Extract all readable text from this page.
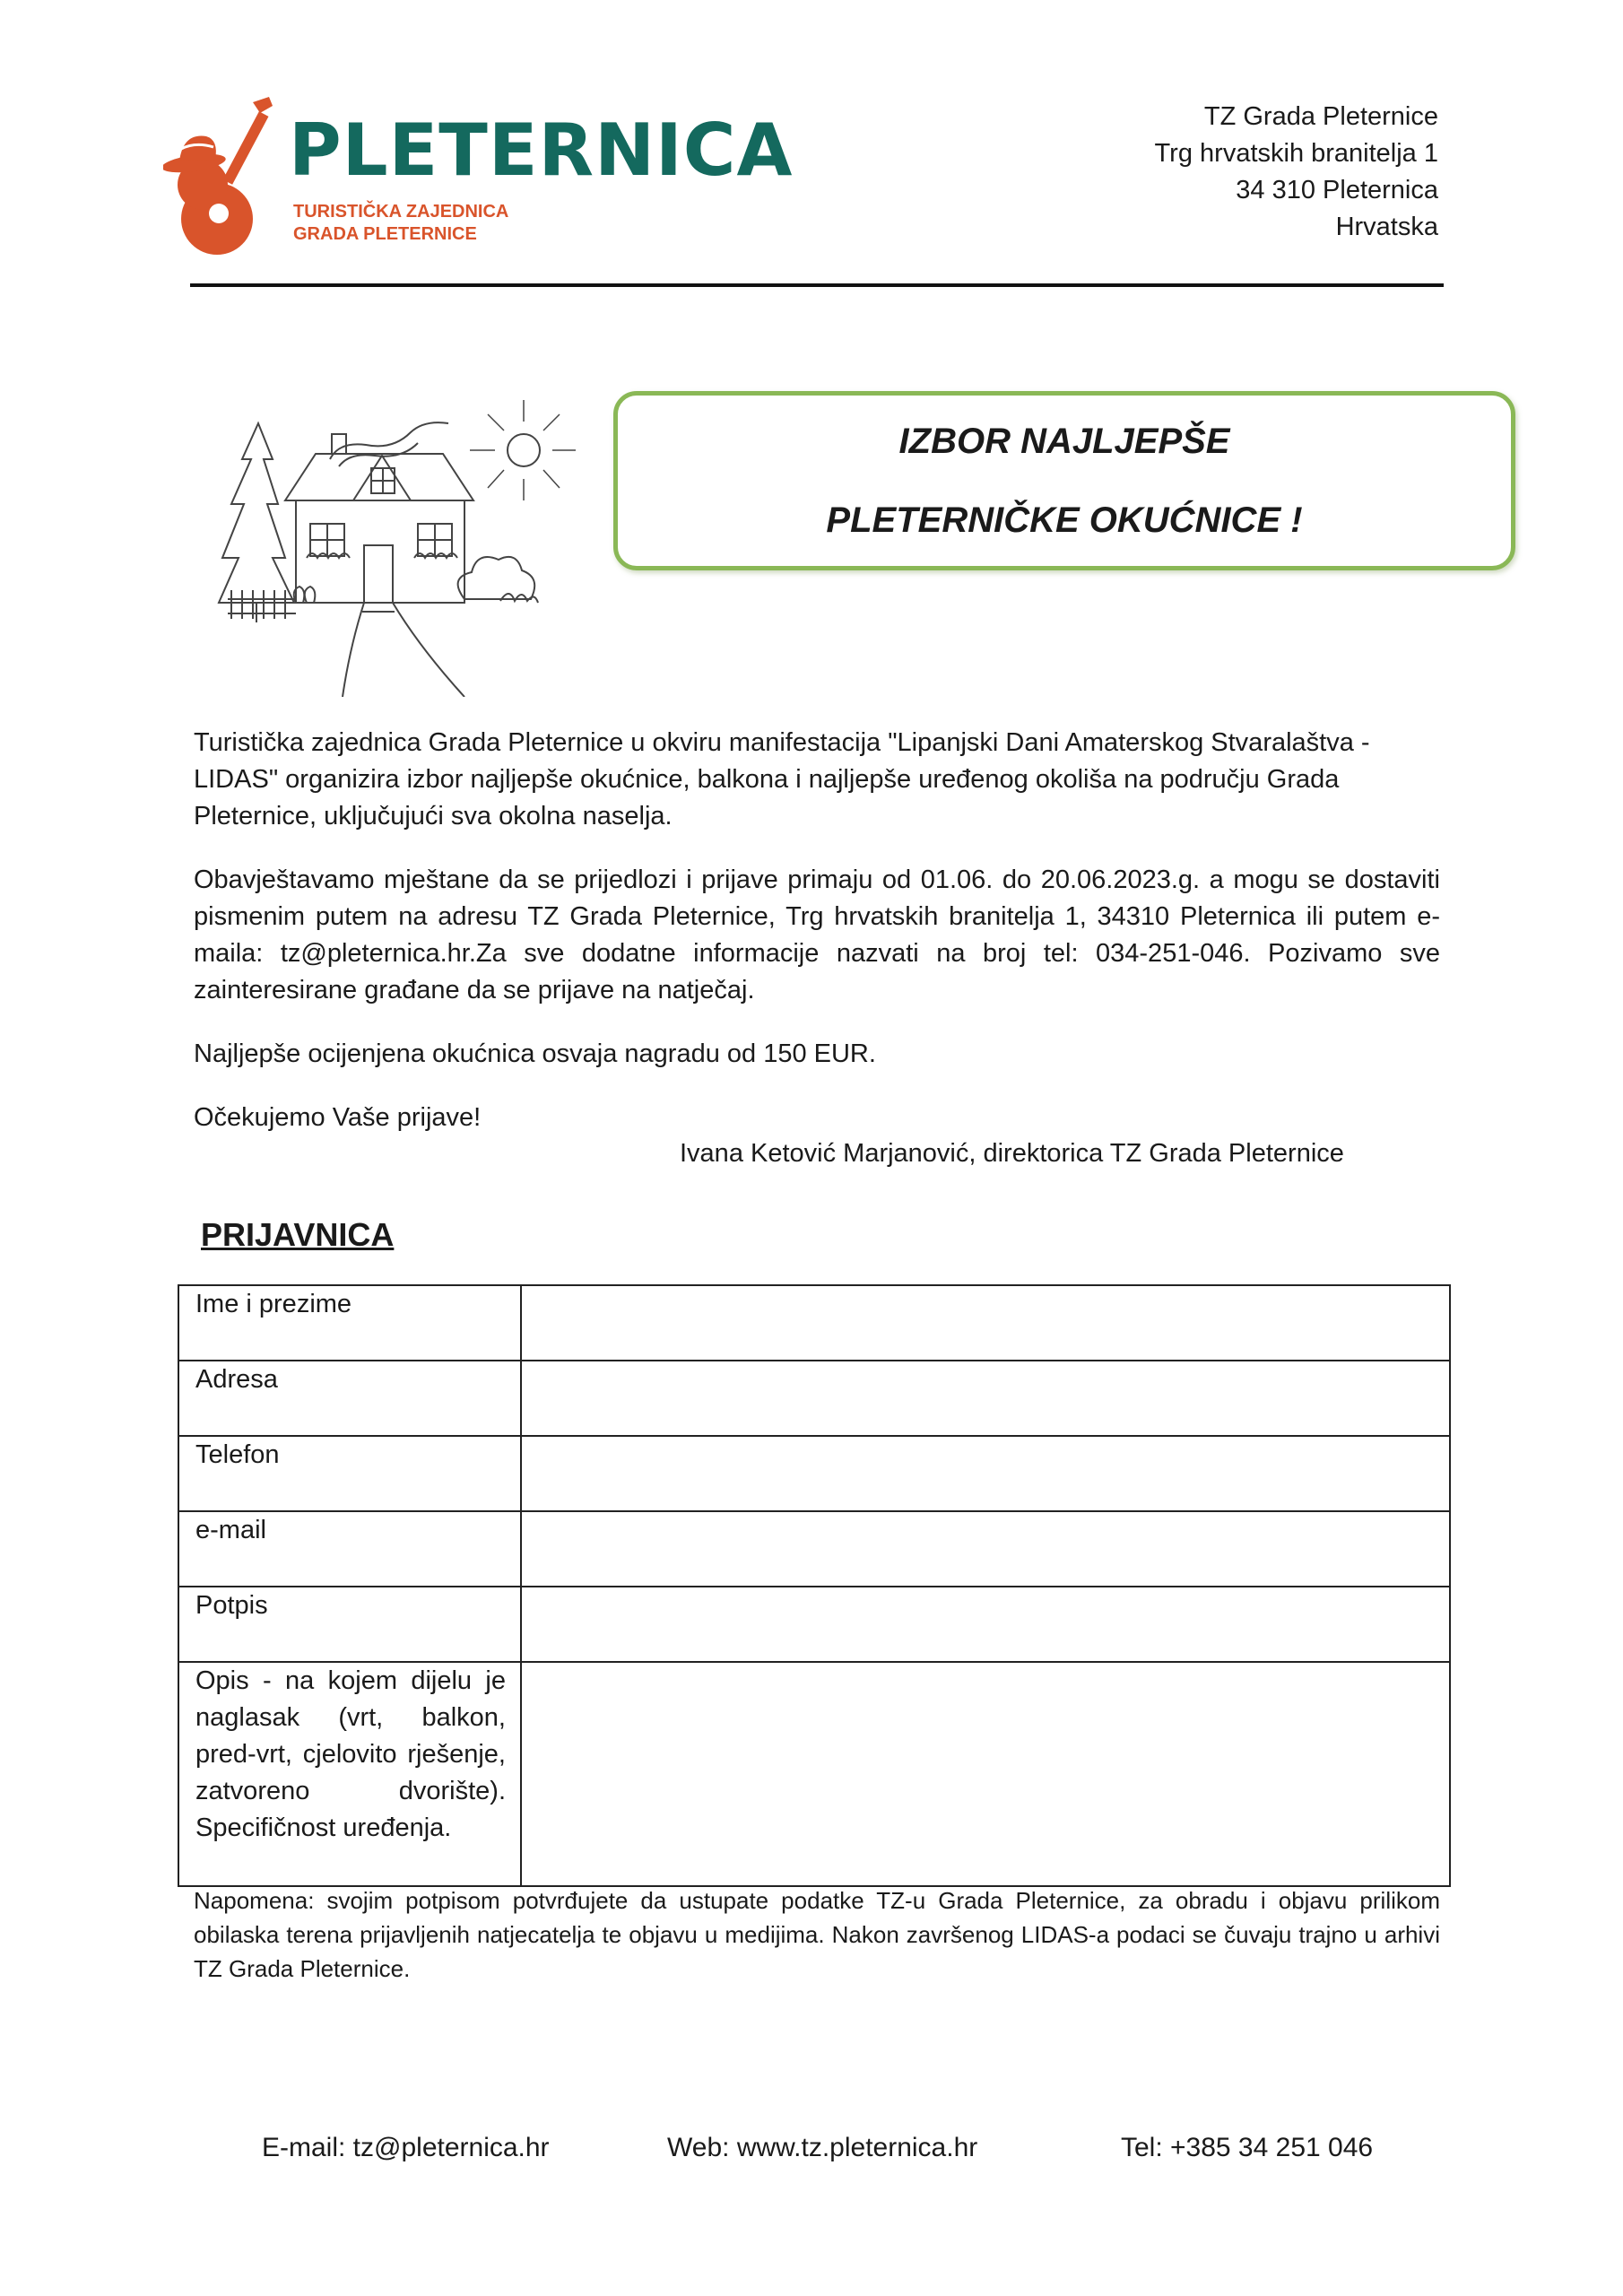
PLETERNICA
TURISTIČKA ZAJEDNICA
GRADA PLETERNICE
TZ Grada Pleternice
Trg hrvatskih branitelja 1
34 310 Pleternica
Hrvatska
IZBOR NAJLJEPŠE
PLETERNIČKE OKUĆNICE !

Turistička zajednica Grada Pleternice u okviru manifestacija "Lipanjski Dani Amaterskog Stvaralaštva - LIDAS" organizira izbor najljepše okućnice, balkona i najljepše uređenog okoliša na području Grada Pleternice, uključujući sva okolna naselja.

Obavještavamo mještane da se prijedlozi i prijave primaju od 01.06. do 20.06.2023.g. a mogu se dostaviti pismenim putem na adresu TZ Grada Pleternice, Trg hrvatskih branitelja 1, 34310 Pleternica ili putem e-maila: tz@pleternica.hr.Za sve dodatne informacije nazvati na broj tel: 034-251-046. Pozivamo sve zainteresirane građane da se prijave na natječaj.

Najljepše ocijenjena okućnica osvaja nagradu od 150 EUR.

Očekujemo Vaše prijave!

Ivana Ketović Marjanović, direktorica TZ Grada Pleternice
PRIJAVNICA
Ime i prezime	
Adresa	
Telefon	
e-mail	
Potpis	
Opis - na kojem dijelu je naglasak (vrt, balkon, pred-vrt, cjelovito rješenje, zatvoreno dvorište). Specifičnost uređenja.	
Napomena: svojim potpisom potvrđujete da ustupate podatke TZ-u Grada Pleternice, za obradu i objavu prilikom obilaska terena prijavljenih natjecatelja te objavu u medijima. Nakon završenog LIDAS-a podaci se čuvaju trajno u arhivi TZ Grada Pleternice.
E-mail: tz@pleternica.hr	Web: www.tz.pleternica.hr	Tel: +385 34 251 046
